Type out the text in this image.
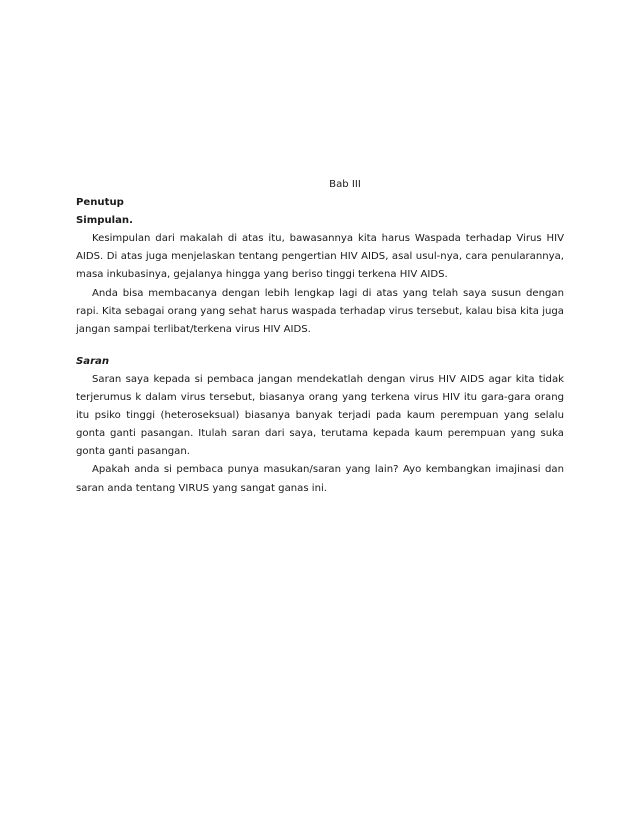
Bab III

Penutup

Simpulan.

Kesimpulan dari makalah di atas itu, bawasannya kita harus Waspada terhadap Virus HIV AIDS. Di atas juga menjelaskan tentang pengertian HIV AIDS, asal usul-nya, cara penularannya, masa inkubasinya, gejalanya hingga yang beriso tinggi terkena HIV AIDS.

Anda bisa membacanya dengan lebih lengkap lagi di atas yang telah saya susun dengan rapi. Kita sebagai orang yang sehat harus waspada terhadap virus tersebut, kalau bisa kita juga jangan sampai terlibat/terkena virus HIV AIDS.

Saran

Saran saya kepada si pembaca jangan mendekatlah dengan virus HIV AIDS agar kita tidak terjerumus k dalam virus tersebut, biasanya orang yang terkena virus HIV itu gara-gara orang itu psiko tinggi (heteroseksual) biasanya banyak terjadi pada kaum perempuan yang selalu gonta ganti pasangan. Itulah saran dari saya, terutama kepada kaum perempuan yang suka gonta ganti pasangan.

Apakah anda si pembaca punya masukan/saran yang lain? Ayo kembangkan imajinasi dan saran anda tentang VIRUS yang sangat ganas ini.
